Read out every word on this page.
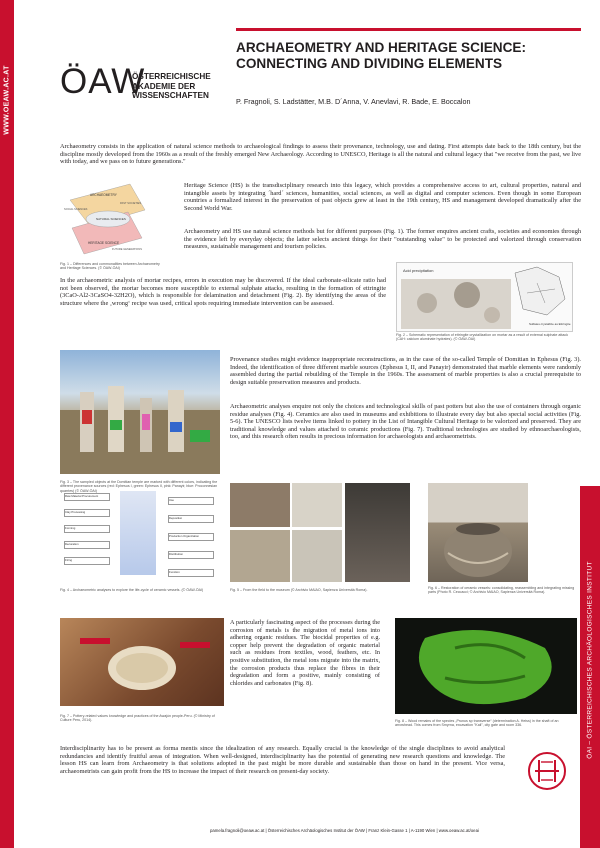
WWW.OEAW.AC.AT
ÖAI – ÖSTERREICHISCHES ARCHÄOLOGISCHES INSTITUT
ÖAW
ÖSTERREICHISCHE
AKADEMIE DER
WISSENSCHAFTEN
ARCHAEOMETRY AND HERITAGE SCIENCE:
CONNECTING AND DIVIDING ELEMENTS
P. Fragnoli, S. Ladstätter, M.B. D´Anna, V. Anevlavi, R. Bade, E. Boccalon

Archaeometry consists in the application of natural science methods to archaeological findings to assess their provenance, technology, use and dating. First attempts date back to the 18th century, but the discipline mostly developed from the 1960s as a result of the freshly emerged New Archaeology. According to UNESCO, Heritage is all the natural and cultural legacy that "we receive from the past, we live with today, and we pass on to future generations."

ARCHAEOMETRY
HERITAGE SCIENCE
NATURAL SCIENCES
SOCIAL SCIENCES
PAST SOCIETIES
FUTURE GENERATIONS

Fig. 1 – Differences and commonalities between Archaeometry and Heritage Sciences. (© ÖAW-ÖAI)

Heritage Science (HS) is the transdisciplinary research into this legacy, which provides a comprehensive access to art, cultural properties, natural and intangible assets by integrating ´hard´ sciences, humanities, social sciences, as well as digital and computer sciences. Even though in some European countries a formalized interest in the preservation of past objects grew at least in the 19th century, HS and management developed dramatically after the Second World War.

Archaeometry and HS use natural science methods but for different purposes (Fig. 1). The former enquires ancient crafts, societies and economies through the evidence left by everyday objects; the latter selects ancient things for their "outstanding value" to be protected and valorized through conservation measures, sustainable management and tourism policies.

In the archaeometric analysis of mortar recipes, errors in execution may be discovered. If the ideal carbonate-silicate ratio had not been observed, the mortar becomes more susceptible to external sulphate attacks, resulting in the formation of ettringite (3CaO-Al2-3CaSO4-32H2O), which is responsible for delamination and detachment (Fig. 2). By identifying the areas of the structure where the ‚wrong‘ recipe was used, critical spots requiring immediate intervention can be assessed.

Acid precipitation
Sulfates crystallize as Ettringite

Fig. 2 – Schematic representation of ettringite crystallization on mortar as a result of external sulphate attack (CAH: calcium aluminate hydrates). (© ÖAW-ÖAI)

Fig. 3 – The sampled objects at the Domitian temple are marked with different colors, indicating the different provenance sources (red: Ephesus I, green: Ephesus II, pink: Panayir, blue: Proconnesian quarries) (© ÖAW-ÖAI)

Provenance studies might evidence inappropriate reconstructions, as in the case of the so-called Temple of Domitian in Ephesus (Fig. 3). Indeed, the identification of three different marble sources (Ephesus I, II, and Panayir) demonstrated that marble elements were randomly assembled during the partial rebuilding of the Temple in the 1960s. The assessment of marble properties is also a crucial prerequisite to design suitable preservation measures and products.

Archaeometric analyses enquire not only the choices and technological skills of past potters but also the use of containers through organic residue analyses (Fig. 4). Ceramics are also used in museums and exhibitions to illustrate every day but also special social activities (Fig. 5-6). The UNESCO lists twelve items linked to pottery in the List of Intangible Cultural Heritage to be valorized and preserved. They are traditional knowledge and values attached to ceramic productions (Fig. 7). Traditional technologies are studied by ethnoarchaeologists, too, and this research often results in precious information for archaeologists and archaeometrists.

Raw Material Procurement
Clay Processing
Forming
Decoration
Firing
Use
Deposition
Production Organization
Distribution
Function

Fig. 4 – Archaeometric analyses to explore the life-cycle of ceramic vessels. (© ÖAW-ÖAI)	Fig. 5 – From the field to the museum (© Archivio MAIAO, Sapienza Università Roma).	Fig. 6 – Restoration of ceramic vessels: consolidating, reassembling and integrating missing parts (Photo R. Ceccacci; © Archivio MAIAO, Sapienza Università Roma).

Fig. 7 – Pottery-related values knowledge and practices of the Awajún people-Peru. (© Ministry of Culture Peru, 2014).

A particularly fascinating aspect of the processes during the corrosion of metals is the migration of metal ions into adhering organic residues. The biocidal properties of e.g. copper help prevent the degradation of organic material such as residues from textiles, wood, feathers, etc. In positive substitution, the metal ions migrate into the matrix, the corrosion products thus replace the fibres in their degradation and form a positive, mainly consisting of chlorides and carbonates (Fig. 8).

Fig. 8 – Wood remains of the species „Prunus sp transverse“ (determination A. Heiss) in the shaft of an arrowhead. This comes from Smyrna, excavation "Kali", city gate and room 336.

Interdisciplinarity has to be present as forma mentis since the idealization of any research. Equally crucial is the knowledge of the single disciplines to avoid analytical redundancies and identify fruitful areas of integration. When well-designed, interdisciplinarity has the potential of generating new research questions and knowledge. The lesson HS can learn from Archaeometry is that solutions adopted in the past might be more durable and sustainable than those on hand in the present. Vice versa, archaeometrists can gain profit from the HS to increase the impact of their research on present-day society.

pamela.fragnoli@oeaw.ac.at | Österreichisches Archäologisches Institut der ÖAW | Franz Klein-Gasse 1 | A-1190 Wien | www.oeaw.ac.at/oeai
